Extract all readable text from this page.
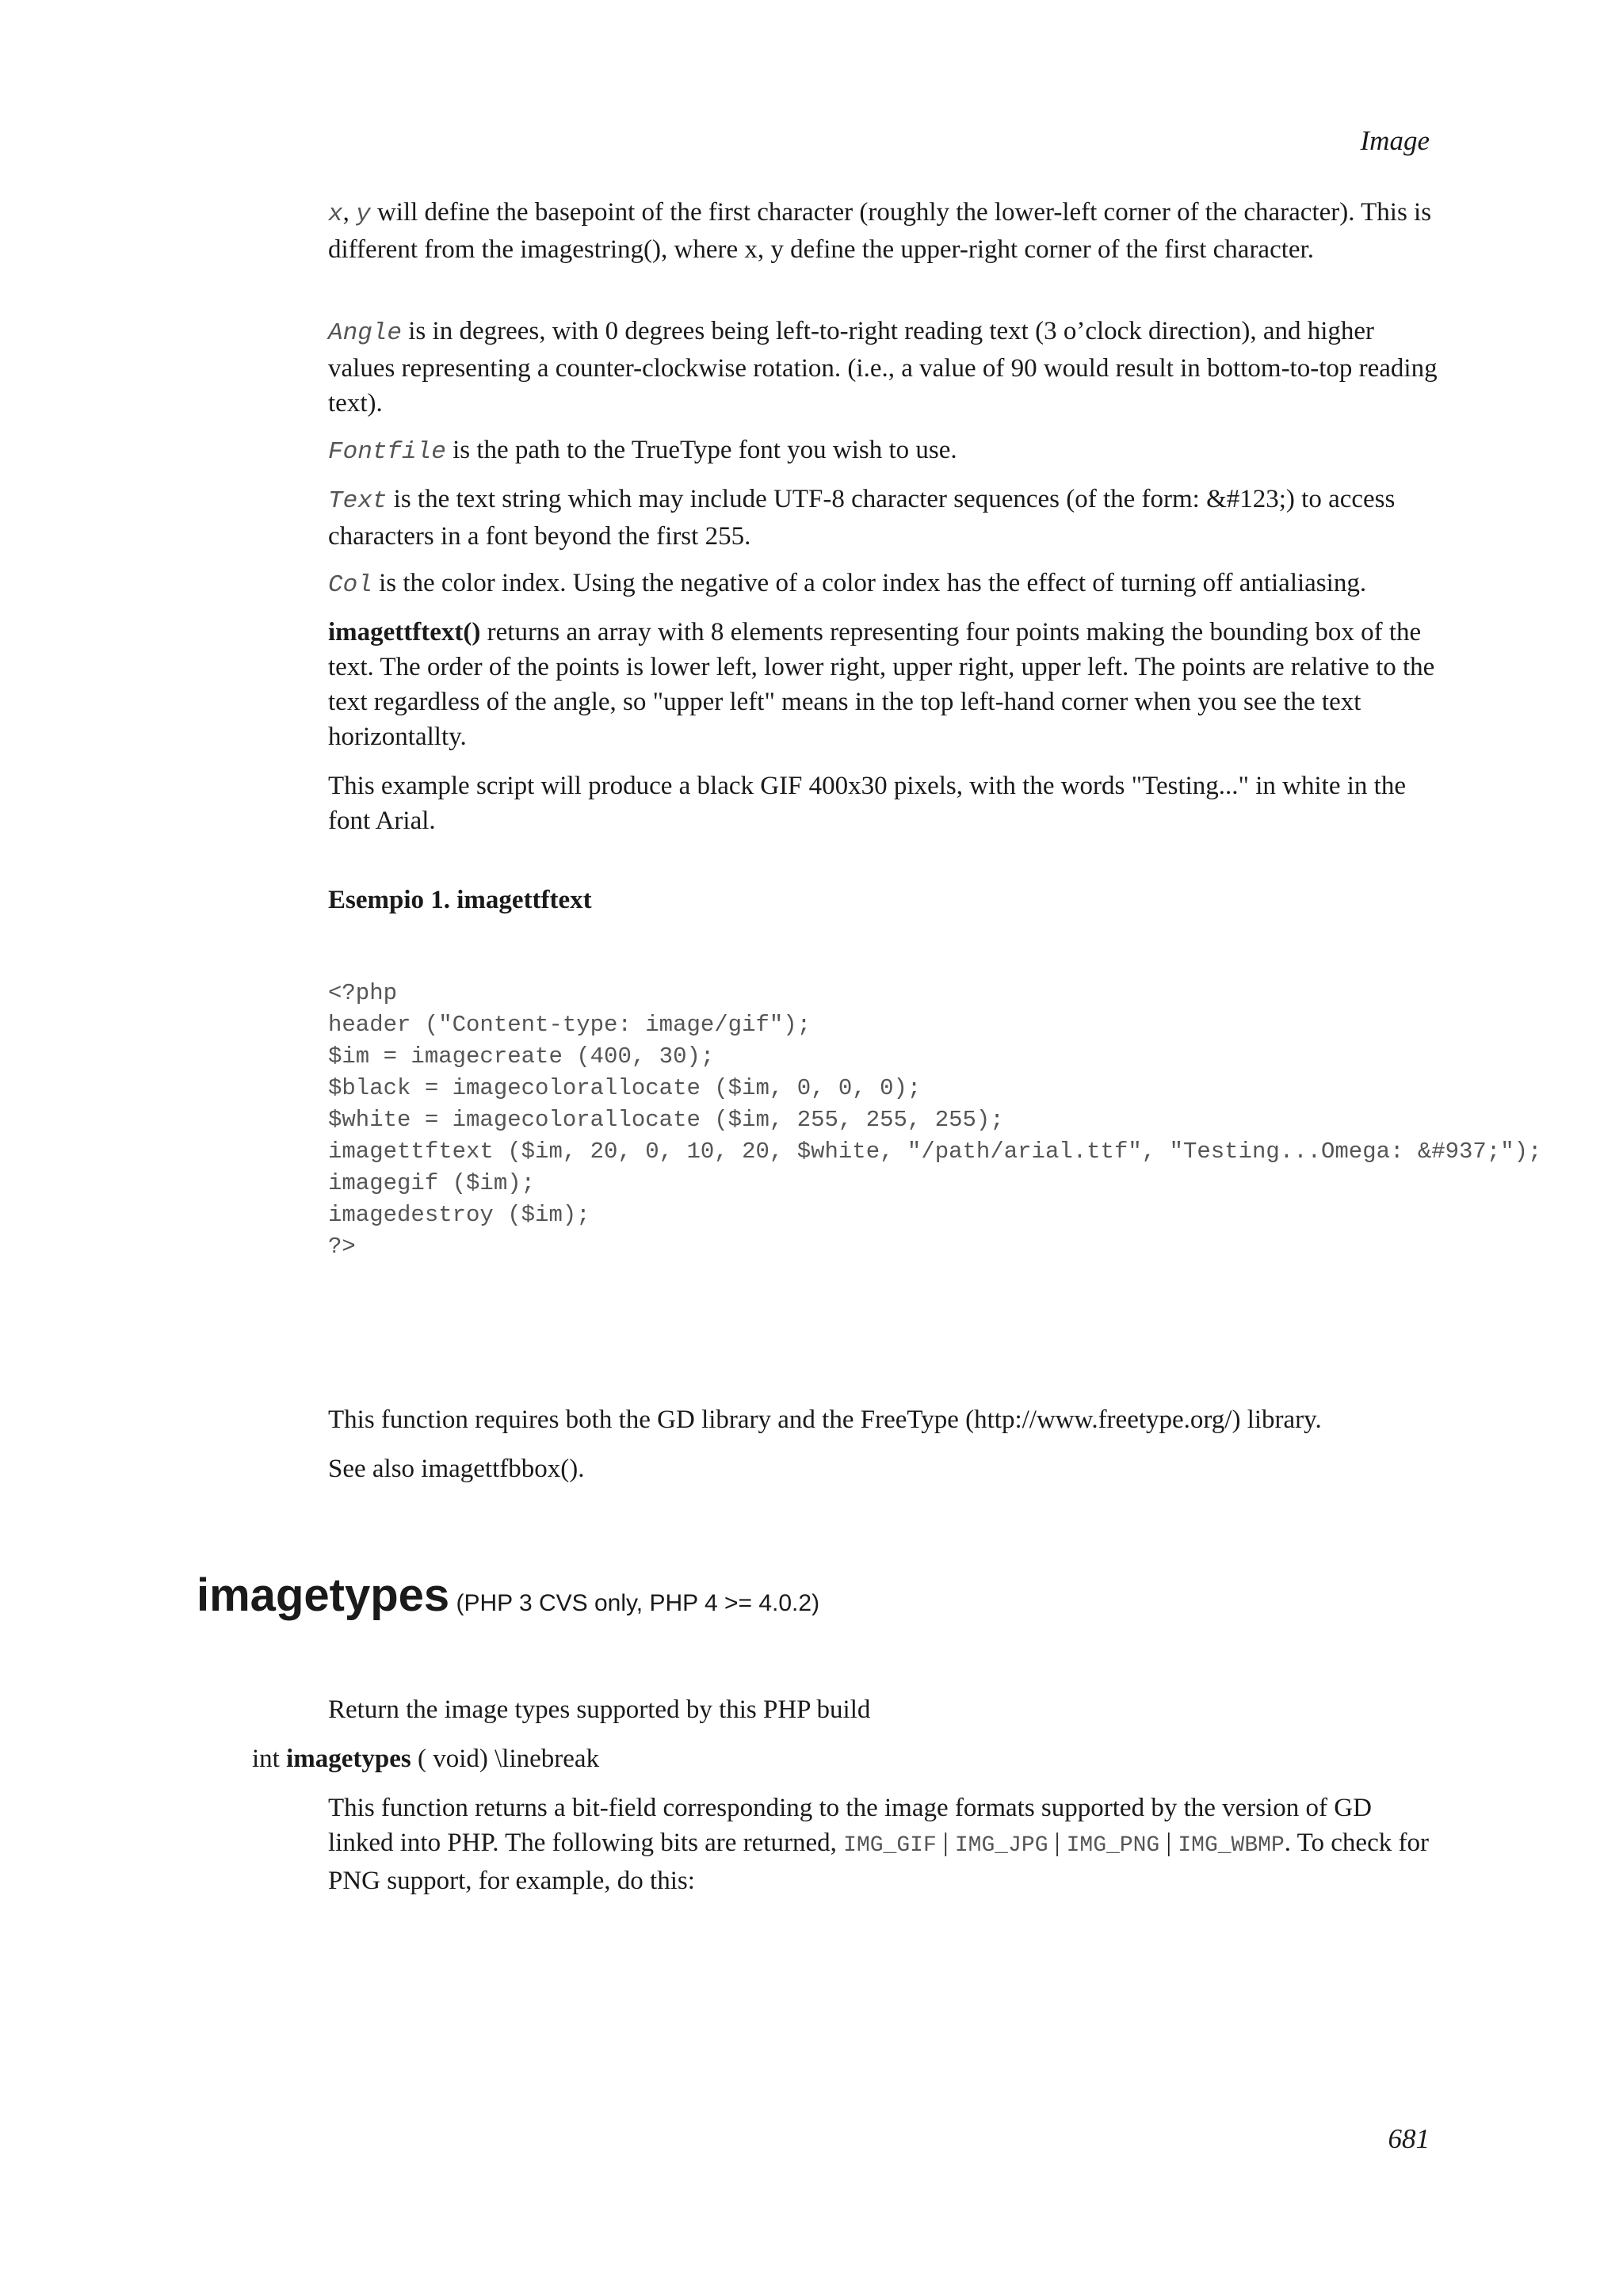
Image

x, y will define the basepoint of the first character (roughly the lower-left corner of the character). This is different from the imagestring(), where x, y define the upper-right corner of the first character.

Angle is in degrees, with 0 degrees being left-to-right reading text (3 o’clock direction), and higher values representing a counter-clockwise rotation. (i.e., a value of 90 would result in bottom-to-top reading text).

Fontfile is the path to the TrueType font you wish to use.

Text is the text string which may include UTF-8 character sequences (of the form: &#123;) to access characters in a font beyond the first 255.

Col is the color index. Using the negative of a color index has the effect of turning off antialiasing.

imagettftext() returns an array with 8 elements representing four points making the bounding box of the text. The order of the points is lower left, lower right, upper right, upper left. The points are relative to the text regardless of the angle, so "upper left" means in the top left-hand corner when you see the text horizontallty.

This example script will produce a black GIF 400x30 pixels, with the words "Testing..." in white in the font Arial.

Esempio 1. imagettftext
<?php
header ("Content-type: image/gif");
$im = imagecreate (400, 30);
$black = imagecolorallocate ($im, 0, 0, 0);
$white = imagecolorallocate ($im, 255, 255, 255);
imagettftext ($im, 20, 0, 10, 20, $white, "/path/arial.ttf", "Testing...Omega: &#937;");
imagegif ($im);
imagedestroy ($im);
?>

This function requires both the GD library and the FreeType (http://www.freetype.org/) library.

See also imagettfbbox().

imagetypes (PHP 3 CVS only, PHP 4 >= 4.0.2)

Return the image types supported by this PHP build

int imagetypes ( void) \linebreak

This function returns a bit-field corresponding to the image formats supported by the version of GD linked into PHP. The following bits are returned, IMG_GIF | IMG_JPG | IMG_PNG | IMG_WBMP. To check for PNG support, for example, do this:

681
